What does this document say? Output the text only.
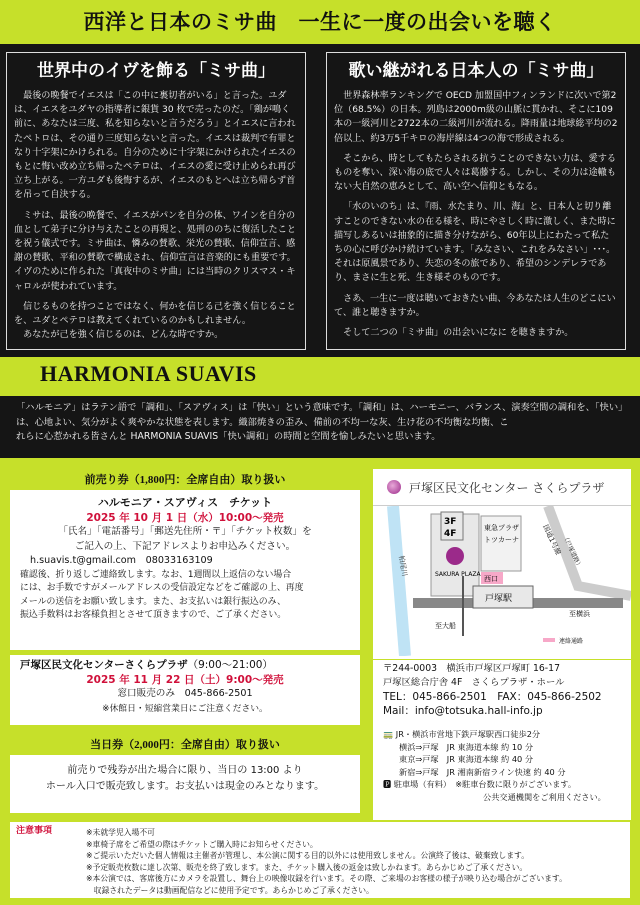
西洋と日本のミサ曲　一生に一度の出会いを聴く
世界中のイヴを飾る「ミサ曲」

最後の晩餐でイエスは「この中に裏切者がいる」と言った。ユダは、イエスをユダヤの指導者に銀貨 30 枚で売ったのだ。「鶏が鳴く前に、あなたは三度、私を知らないと言うだろう」とイエスに言われたペトロは、その通り三度知らないと言った。イエスは裁判で有罪となり十字架にかけられる。自分のために十字架にかけられたイエスのもとに悔い改め立ち帰ったペテロは、イエスの愛に受け止められ再び立ち上がる。一方ユダも後悔するが、イエスのもとへは立ち帰らず首を吊って自決する。

ミサは、最後の晩餐で、イエスがパンを自分の体、ワインを自分の血として弟子に分け与えたことの再現と、処刑ののちに復活したことを祝う儀式です。ミサ曲は、憐みの賛歌、栄光の賛歌、信仰宣言、感謝の賛歌、平和の賛歌で構成され、信仰宣言は音楽的にも重要です。イヴのために作られた「真夜中のミサ曲」には当時のクリスマス・キャロルが使われています。

信じるものを持つことではなく、何かを信じる己を強く信じることを、ユダとペテロは教えてくれているのかもしれません。

あなたが己を強く信じるのは、どんな時ですか。

歌い継がれる日本人の「ミサ曲」

世界森林率ランキングで OECD 加盟国中フィンランドに次いで第2位（68.5%）の日本。列島は2000m級の山脈に貫かれ、そこに109本の一級河川と2722本の二級河川が流れる。降雨量は地球総平均の2倍以上、約3万5千キロの海岸線は4つの海で形成される。

そこから、時としてもたらされる抗うことのできない力は、愛するものを奪い、深い海の底で人々は葛藤する。しかし、その力は途轍もない大自然の恵みとして、高い空へ信仰ともなる。

「水のいのち」は、『雨、水たまり、川、海』と、日本人と切り離すことのできない水の在る様を、時にやさしく時に激しく、また時に描写しあるいは抽象的に描き分けながら、60年以上にわたって私たちの心に呼びかけ続けています。「みなさい、これをみなさい」･･･。それは原風景であり、失恋の冬の旅であり、希望のシンデレラであり、まさに生と死、生き様そのものです。

さあ、一生に一度は聴いておきたい曲、今あなたは人生のどこにいて、誰と聴きますか。

そして二つの「ミサ曲」の出会いになに を聴きますか。

HARMONIA SUAVIS
「ハルモニア」はラテン語で「調和」、「スアヴィス」は「快い」という意味です。「調和」は、ハーモニー、バランス、演奏空間の調和を、「快い」は、心地よい、気分がよく爽やかな状態を表します。織部焼きの歪み、備前の不均一な灰、生け花の不均衡な均衡、こ
れらに心惹かれる皆さんと HARMONIA SUAVIS「快い調和」の時間と空間を愉しみたいと思います。
前売り券（1,800円：全席自由）取り扱い
ハルモニア・スアヴィス　チケット
2025 年 10 月 1 日（水）10:00～発売
「氏名」「電話番号」「郵送先住所・〒」「チケット枚数」を
ご記入の上、下記アドレスよりお申込みください。
h.suavis.t@gmail.com　08033163109
確認後、折り返しご連絡致します。なお、1週間以上返信のない場合
には、お手数ですがメールアドレスの受信設定などをご確認の上、再度
メールの送信をお願い致します。また、お支払いは銀行振込のみ、
振込手数料はお客様負担とさせて頂きますので、ご了承ください。
戸塚区民文化センターさくらプラザ（9:00～21:00）
2025 年 11 月 22 日（土）9:00～発売
窓口販売のみ　045-866-2501
※休館日・短縮営業日にご注意ください。
当日券（2,000円：全席自由）取り扱い
前売りで残券が出た場合に限り、当日の 13:00 より
ホール入口で販売致します。お支払いは現金のみとなります。
戸塚区民文化センター さくらプラザ
柏尾川
3F
4F
SAKURA PLAZA
東急プラザ
トツカーナ	国道1号線 （戸塚道路）
西口
戸塚駅
至大船
至横浜
連絡通路
〒244-0003　横浜市戸塚区戸塚町 16-17
戸塚区総合庁舎 4F　さくらプラザ・ホール
TEL：045-866-2501　FAX：045-866-2502
Mail：info@totsuka.hall-info.jp
🚃 JR・横浜市営地下鉄戸塚駅西口徒歩2分
横浜⇒戸塚　JR 東海道本線 約 10 分
東京⇒戸塚　JR 東海道本線 約 40 分
新宿⇒戸塚　JR 湘南新宿ライン快速 約 40 分
🅿 駐車場（有料）　※駐車台数に限りがございます。
公共交通機関をご利用ください。
注意事項	※未就学児入場不可
※車椅子席をご希望の際はチケットご購入時にお知らせください。
※ご提示いただいた個人情報は主催者が管理し、本公演に関する目的以外には使用致しません。公演終了後は、破棄致します。
※予定販売枚数に達し次第、販売を終了致します。また、チケット購入後の返金は致しかねます。あらかじめご了承ください。
※本公演では、客席後方にカメラを設置し、舞台上の映像収録を行います。その際、ご来場のお客様の様子が映り込む場合がございます。
　収録されたデータは動画配信などに使用予定です。あらかじめご了承ください。
